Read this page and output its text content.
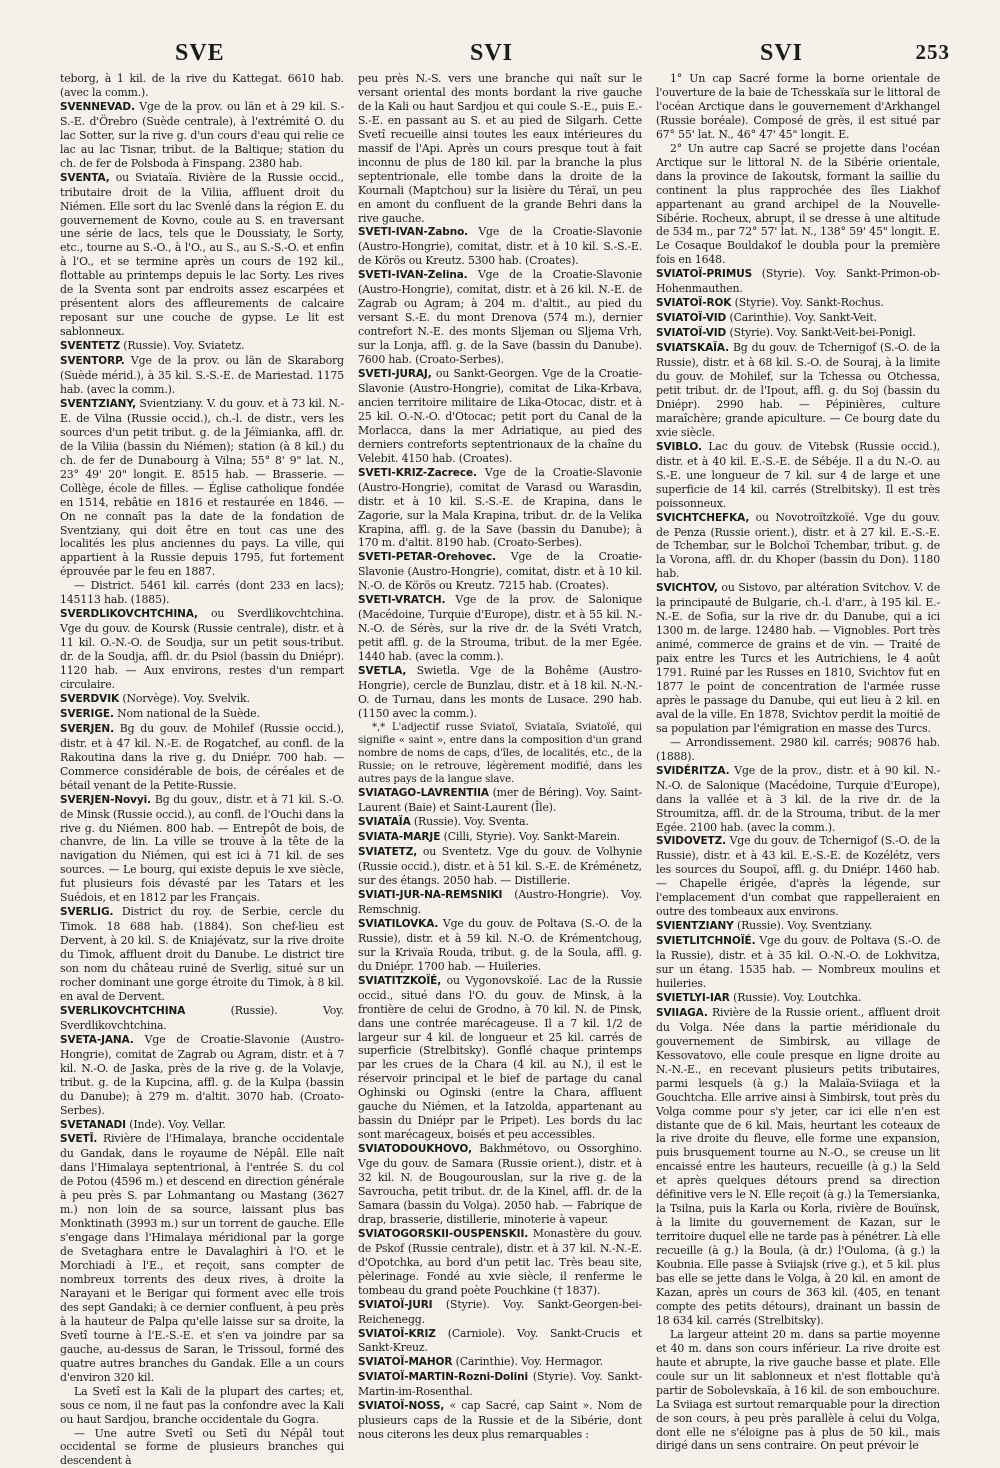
SVE	SVI	SVI	253

teborg, à 1 kil. de la rive du Kattegat. 6610 hab. (avec la comm.).

SVENNEVAD. Vge de la prov. ou län et à 29 kil. S.-S.-E. d'Örebro (Suède centrale), à l'extrémité O. du lac Sotter, sur la rive g. d'un cours d'eau qui relie ce lac au lac Tisnar, tribut. de la Baltique; station du ch. de fer de Polsboda à Finspang. 2380 hab.

SVENTA, ou Sviataïa. Rivière de la Russie occid., tributaire droit de la Viliia, affluent droit du Niémen. Elle sort du lac Svenlé dans la région E. du gouvernement de Kovno, coule au S. en traversant une série de lacs, tels que le Doussiaty, le Sorty, etc., tourne au S.-O., à l'O., au S., au S.-S.-O. et enfin à l'O., et se termine après un cours de 192 kil., flottable au printemps depuis le lac Sorty. Les rives de la Sventa sont par endroits assez escarpées et présentent alors des affleurements de calcaire reposant sur une couche de gypse. Le lit est sablonneux.

SVENTETZ (Russie). Voy. Sviatetz.

SVENTORP. Vge de la prov. ou län de Skaraborg (Suède mérid.), à 35 kil. S.-S.-E. de Mariestad. 1175 hab. (avec la comm.).

SVENTZIANY, Svientziany. V. du gouv. et à 73 kil. N.-E. de Vilna (Russie occid.), ch.-l. de distr., vers les sources d'un petit tribut. g. de la Jéïmianka, affl. dr. de la Viliia (bassin du Niémen); station (à 8 kil.) du ch. de fer de Dunabourg à Vilna; 55° 8' 9" lat. N., 23° 49' 20" longit. E. 8515 hab. — Brasserie. — Collège, école de filles. — Église catholique fondée en 1514, rebâtie en 1816 et restaurée en 1846. — On ne connaît pas la date de la fondation de Sventziany, qui doit être en tout cas une des localités les plus anciennes du pays. La ville, qui appartient à la Russie depuis 1795, fut fortement éprouvée par le feu en 1887.

— District. 5461 kil. carrés (dont 233 en lacs); 145113 hab. (1885).

SVERDLIKOVCHTCHINA, ou Sverdlikovchtchina. Vge du gouv. de Koursk (Russie centrale), distr. et à 11 kil. O.-N.-O. de Soudja, sur un petit sous-tribut. dr. de la Soudja, affl. dr. du Psiol (bassin du Dniépr). 1120 hab. — Aux environs, restes d'un rempart circulaire.

SVERDVIK (Norvège). Voy. Svelvik.

SVERIGE. Nom national de la Suède.

SVERJEN. Bg du gouv. de Mohilef (Russie occid.), distr. et à 47 kil. N.-E. de Rogatchef, au confl. de la Rakoutina dans la rive g. du Dniépr. 700 hab. — Commerce considérable de bois, de céréales et de bétail venant de la Petite-Russie.

SVERJEN-Novyi. Bg du gouv., distr. et à 71 kil. S.-O. de Minsk (Russie occid.), au confl. de l'Ouchi dans la rive g. du Niémen. 800 hab. — Entrepôt de bois, de chanvre, de lin. La ville se trouve à la tête de la navigation du Niémen, qui est ici à 71 kil. de ses sources. — Le bourg, qui existe depuis le xve siècle, fut plusieurs fois dévasté par les Tatars et les Suédois, et en 1812 par les Français.

SVERLIG. District du roy. de Serbie, cercle du Timok. 18 688 hab. (1884). Son chef-lieu est Dervent, à 20 kil. S. de Kniajévatz, sur la rive droite du Timok, affluent droit du Danube. Le district tire son nom du château ruiné de Sverlig, situé sur un rocher dominant une gorge étroite du Timok, à 8 kil. en aval de Dervent.

SVERLIKOVCHTCHINA (Russie). Voy. Sverdlikovchtchina.

SVETA-JANA. Vge de Croatie-Slavonie (Austro-Hongrie), comitat de Zagrab ou Agram, distr. et à 7 kil. N.-O. de Jaska, près de la rive g. de la Volavje, tribut. g. de la Kupcina, affl. g. de la Kulpa (bassin du Danube); à 279 m. d'altit. 3070 hab. (Croato-Serbes).

SVETANADI (Inde). Voy. Vellar.

SVETÎ. Rivière de l'Himalaya, branche occidentale du Gandak, dans le royaume de Népâl. Elle naît dans l'Himalaya septentrional, à l'entrée S. du col de Potou (4596 m.) et descend en direction générale à peu près S. par Lohmantang ou Mastang (3627 m.) non loin de sa source, laissant plus bas Monktinath (3993 m.) sur un torrent de gauche. Elle s'engage dans l'Himalaya méridional par la gorge de Svetaghara entre le Davalaghiri à l'O. et le Morchiadi à l'E., et reçoit, sans compter de nombreux torrents des deux rives, à droite la Narayani et le Berigar qui forment avec elle trois des sept Gandaki; à ce dernier confluent, à peu près à la hauteur de Palpa qu'elle laisse sur sa droite, la Svetî tourne à l'E.-S.-E. et s'en va joindre par sa gauche, au-dessus de Saran, le Trissoul, formé des quatre autres branches du Gandak. Elle a un cours d'environ 320 kil.

La Svetî est la Kali de la plupart des cartes; et, sous ce nom, il ne faut pas la confondre avec la Kali ou haut Sardjou, branche occidentale du Gogra.

— Une autre Svetî ou Setî du Népâl tout occidental se forme de plusieurs branches qui descendent à

peu près N.-S. vers une branche qui naît sur le versant oriental des monts bordant la rive gauche de la Kali ou haut Sardjou et qui coule S.-E., puis E.-S.-E. en passant au S. et au pied de Silgarh. Cette Svetî recueille ainsi toutes les eaux intérieures du massif de l'Api. Après un cours presque tout à fait inconnu de plus de 180 kil. par la branche la plus septentrionale, elle tombe dans la droite de la Kournali (Maptchou) sur la lisière du Téraï, un peu en amont du confluent de la grande Behri dans la rive gauche.

SVETI-IVAN-Zabno. Vge de la Croatie-Slavonie (Austro-Hongrie), comitat, distr. et à 10 kil. S.-S.-E. de Körös ou Kreutz. 5300 hab. (Croates).

SVETI-IVAN-Zelina. Vge de la Croatie-Slavonie (Austro-Hongrie), comitat, distr. et à 26 kil. N.-E. de Zagrab ou Agram; à 204 m. d'altit., au pied du versant S.-E. du mont Drenova (574 m.), dernier contrefort N.-E. des monts Sljeman ou Sljema Vrh, sur la Lonja, affl. g. de la Save (bassin du Danube). 7600 hab. (Croato-Serbes).

SVETI-JURAJ, ou Sankt-Georgen. Vge de la Croatie-Slavonie (Austro-Hongrie), comitat de Lika-Krbava, ancien territoire militaire de Lika-Otocac, distr. et à 25 kil. O.-N.-O. d'Otocac; petit port du Canal de la Morlacca, dans la mer Adriatique, au pied des derniers contreforts septentrionaux de la chaîne du Velebit. 4150 hab. (Croates).

SVETI-KRIZ-Zacrece. Vge de la Croatie-Slavonie (Austro-Hongrie), comitat de Varasd ou Warasdin, distr. et à 10 kil. S.-S.-E. de Krapina, dans le Zagorie, sur la Mala Krapina, tribut. dr. de la Velika Krapina, affl. g. de la Save (bassin du Danube); à 170 m. d'altit. 8190 hab. (Croato-Serbes).

SVETI-PETAR-Orehovec. Vge de la Croatie-Slavonie (Austro-Hongrie), comitat, distr. et à 10 kil. N.-O. de Körös ou Kreutz. 7215 hab. (Croates).

SVETI-VRATCH. Vge de la prov. de Salonique (Macédoine, Turquie d'Europe), distr. et à 55 kil. N.-N.-O. de Sérès, sur la rive dr. de la Svéti Vratch, petit affl. g. de la Strouma, tribut. de la mer Egée. 1440 hab. (avec la comm.).

SVETLA, Swietla. Vge de la Bohême (Austro-Hongrie), cercle de Bunzlau, distr. et à 18 kil. N.-N.-O. de Turnau, dans les monts de Lusace. 290 hab. (1150 avec la comm.).

*,* L'adjectif russe Sviatoï, Sviataïa, Sviatoïé, qui signifie « saint », entre dans la composition d'un grand nombre de noms de caps, d'îles, de localités, etc., de la Russie; on le retrouve, légèrement modifié, dans les autres pays de la langue slave.

SVIATAGO-LAVRENTIIA (mer de Béring). Voy. Saint-Laurent (Baie) et Saint-Laurent (Île).

SVIATAÏA (Russie). Voy. Sventa.

SVIATA-MARJE (Cilli, Styrie). Voy. Sankt-Marein.

SVIATETZ, ou Sventetz. Vge du gouv. de Volhynie (Russie occid.), distr. et à 51 kil. S.-E. de Kréménetz, sur des étangs. 2050 hab. — Distillerie.

SVIATI-JUR-NA-REMSNIKI (Austro-Hongrie). Voy. Remschnig.

SVIATILOVKA. Vge du gouv. de Poltava (S.-O. de la Russie), distr. et à 59 kil. N.-O. de Krémentchoug, sur la Krivaïa Rouda, tribut. g. de la Soula, affl. g. du Dniépr. 1700 hab. — Huileries.

SVIATITZKOÏÉ, ou Vygonovskoïé. Lac de la Russie occid., situé dans l'O. du gouv. de Minsk, à la frontière de celui de Grodno, à 70 kil. N. de Pinsk, dans une contrée marécageuse. Il a 7 kil. 1/2 de largeur sur 4 kil. de longueur et 25 kil. carrés de superficie (Strelbitsky). Gonflé chaque printemps par les crues de la Chara (4 kil. au N.), il est le réservoir principal et le bief de partage du canal Oghinski ou Oginski (entre la Chara, affluent gauche du Niémen, et la Iatzolda, appartenant au bassin du Dniépr par le Pripet). Les bords du lac sont marécageux, boisés et peu accessibles.

SVIATODOUKHOVO, Bakhmétovo, ou Ossorghino. Vge du gouv. de Samara (Russie orient.), distr. et à 32 kil. N. de Bougourouslan, sur la rive g. de la Savroucha, petit tribut. dr. de la Kinel, affl. dr. de la Samara (bassin du Volga). 2050 hab. — Fabrique de drap, brasserie, distillerie, minoterie à vapeur.

SVIATOGORSKII-OUSPENSKII. Monastère du gouv. de Pskof (Russie centrale), distr. et à 37 kil. N.-N.-E. d'Opotchka, au bord d'un petit lac. Très beau site, pèlerinage. Fondé au xvie siècle, il renferme le tombeau du grand poète Pouchkine († 1837).

SVIATOÏ-JURI (Styrie). Voy. Sankt-Georgen-bei-Reichenegg.

SVIATOÏ-KRIZ (Carniole). Voy. Sankt-Crucis et Sankt-Kreuz.

SVIATOÏ-MAHOR (Carinthie). Voy. Hermagor.

SVIATOÏ-MARTIN-Rozni-Dolini (Styrie). Voy. Sankt-Martin-im-Rosenthal.

SVIATOÏ-NOSS, « cap Sacré, cap Saint ». Nom de plusieurs caps de la Russie et de la Sibérie, dont nous citerons les deux plus remarquables :

1° Un cap Sacré forme la borne orientale de l'ouverture de la baie de Tchesskaïa sur le littoral de l'océan Arctique dans le gouvernement d'Arkhangel (Russie boréale). Composé de grès, il est situé par 67° 55' lat. N., 46° 47' 45" longit. E.

2° Un autre cap Sacré se projette dans l'océan Arctique sur le littoral N. de la Sibérie orientale, dans la province de Iakoutsk, formant la saillie du continent la plus rapprochée des îles Liakhof appartenant au grand archipel de la Nouvelle-Sibérie. Rocheux, abrupt, il se dresse à une altitude de 534 m., par 72° 57' lat. N., 138° 59' 45" longit. E. Le Cosaque Bouldakof le doubla pour la première fois en 1648.

SVIATOÏ-PRIMUS (Styrie). Voy. Sankt-Primon-ob-Hohenmauthen.

SVIATOÏ-ROK (Styrie). Voy. Sankt-Rochus.

SVIATOÏ-VID (Carinthie). Voy. Sankt-Veit.

SVIATOÏ-VID (Styrie). Voy. Sankt-Veit-bei-Ponigl.

SVIATSKAÏA. Bg du gouv. de Tchernigof (S.-O. de la Russie), distr. et à 68 kil. S.-O. de Souraj, à la limite du gouv. de Mohilef, sur la Tchessa ou Otchessa, petit tribut. dr. de l'Ipout, affl. g. du Soj (bassin du Dniépr). 2990 hab. — Pépinières, culture maraîchère; grande apiculture. — Ce bourg date du xvie siècle.

SVIBLO. Lac du gouv. de Vitebsk (Russie occid.), distr. et à 40 kil. E.-S.-E. de Sébéje. Il a du N.-O. au S.-E. une longueur de 7 kil. sur 4 de large et une superficie de 14 kil. carrés (Strelbitsky). Il est très poissonneux.

SVICHTCHEFKA, ou Novotroïtzkoïé. Vge du gouv. de Penza (Russie orient.), distr. et à 27 kil. E.-S.-E. de Tchembar, sur le Bolchoï Tchembar, tribut. g. de la Vorona, affl. dr. du Khoper (bassin du Don). 1180 hab.

SVICHTOV, ou Sistovo, par altération Svitchov. V. de la principauté de Bulgarie, ch.-l. d'arr., à 195 kil. E.-N.-E. de Sofia, sur la rive dr. du Danube, qui a ici 1300 m. de large. 12480 hab. — Vignobles. Port très animé, commerce de grains et de vin. — Traité de paix entre les Turcs et les Autrichiens, le 4 août 1791. Ruiné par les Russes en 1810, Svichtov fut en 1877 le point de concentration de l'armée russe après le passage du Danube, qui eut lieu à 2 kil. en aval de la ville. En 1878, Svichtov perdit la moitié de sa population par l'émigration en masse des Turcs.

— Arrondissement. 2980 kil. carrés; 90876 hab. (1888).

SVIDÉRITZA. Vge de la prov., distr. et à 90 kil. N.-N.-O. de Salonique (Macédoine, Turquie d'Europe), dans la vallée et à 3 kil. de la rive dr. de la Stroumitza, affl. dr. de la Strouma, tribut. de la mer Egée. 2100 hab. (avec la comm.).

SVIDOVETZ. Vge du gouv. de Tchernigof (S.-O. de la Russie), distr. et à 43 kil. E.-S.-E. de Kozélétz, vers les sources du Soupoï, affl. g. du Dniépr. 1460 hab. — Chapelle érigée, d'après la légende, sur l'emplacement d'un combat que rappelleraient en outre des tombeaux aux environs.

SVIENTZIANY (Russie). Voy. Sventziany.

SVIETLITCHNOÏÉ. Vge du gouv. de Poltava (S.-O. de la Russie), distr. et à 35 kil. O.-N.-O. de Lokhvitza, sur un étang. 1535 hab. — Nombreux moulins et huileries.

SVIETLYI-IAR (Russie). Voy. Loutchka.

SVIIAGA. Rivière de la Russie orient., affluent droit du Volga. Née dans la partie méridionale du gouvernement de Simbirsk, au village de Kessovatovo, elle coule presque en ligne droite au N.-N.-E., en recevant plusieurs petits tributaires, parmi lesquels (à g.) la Malaïa-Sviiaga et la Gouchtcha. Elle arrive ainsi à Simbirsk, tout près du Volga comme pour s'y jeter, car ici elle n'en est distante que de 6 kil. Mais, heurtant les coteaux de la rive droite du fleuve, elle forme une expansion, puis brusquement tourne au N.-O., se creuse un lit encaissé entre les hauteurs, recueille (à g.) la Seld et après quelques détours prend sa direction définitive vers le N. Elle reçoit (à g.) la Temersianka, la Tsilna, puis la Karla ou Korla, rivière de Bouïnsk, à la limite du gouvernement de Kazan, sur le territoire duquel elle ne tarde pas à pénétrer. Là elle recueille (à g.) la Boula, (à dr.) l'Ouloma, (à g.) la Koubnia. Elle passe à Sviiajsk (rive g.), et 5 kil. plus bas elle se jette dans le Volga, à 20 kil. en amont de Kazan, après un cours de 363 kil. (405, en tenant compte des petits détours), drainant un bassin de 18 634 kil. carrés (Strelbitsky).

La largeur atteint 20 m. dans sa partie moyenne et 40 m. dans son cours inférieur. La rive droite est haute et abrupte, la rive gauche basse et plate. Elle coule sur un lit sablonneux et n'est flottable qu'à partir de Sobolevskaïa, à 16 kil. de son embouchure. La Sviiaga est surtout remarquable pour la direction de son cours, à peu près parallèle à celui du Volga, dont elle ne s'éloigne pas à plus de 50 kil., mais dirigé dans un sens contraire. On peut prévoir le
